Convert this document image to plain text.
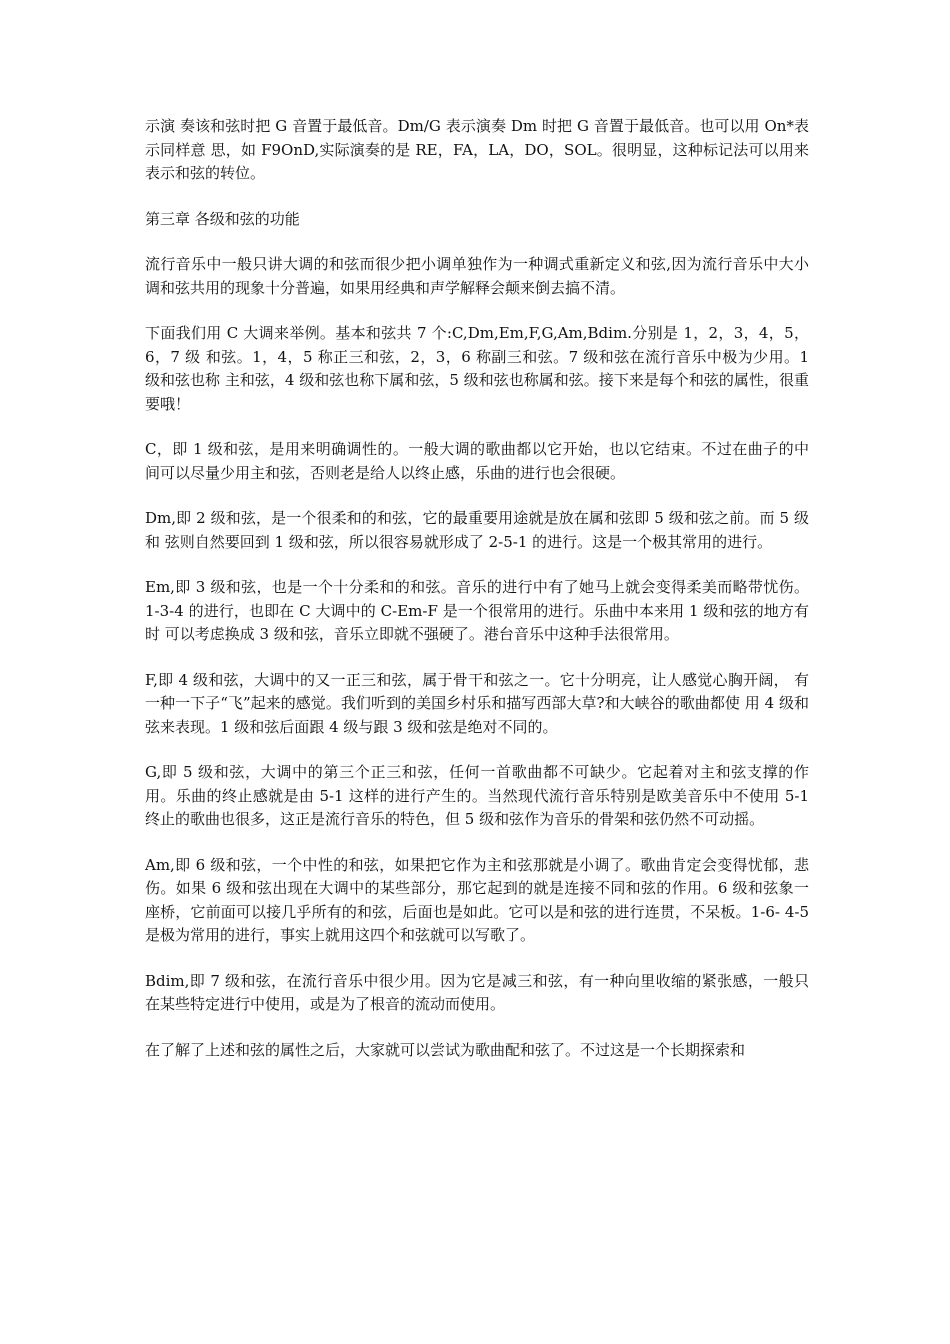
示演 奏该和弦时把 G 音置于最低音。Dm/G 表示演奏 Dm 时把 G 音置于最低音。也可以用 On*表示同样意 思，如 F9OnD,实际演奏的是 RE，FA，LA，DO，SOL。很明显，这种标记法可以用来表示和弦的转位。

第三章 各级和弦的功能

流行音乐中一般只讲大调的和弦而很少把小调单独作为一种调式重新定义和弦,因为流行音乐中大小调和弦共用的现象十分普遍，如果用经典和声学解释会颠来倒去搞不清。

下面我们用 C 大调来举例。基本和弦共 7 个:C,Dm,Em,F,G,Am,Bdim.分别是 1，2，3，4，5，6，7 级 和弦。1，4，5 称正三和弦，2，3，6 称副三和弦。7 级和弦在流行音乐中极为少用。1 级和弦也称 主和弦，4 级和弦也称下属和弦，5 级和弦也称属和弦。接下来是每个和弦的属性，很重要哦！

C，即 1 级和弦，是用来明确调性的。一般大调的歌曲都以它开始，也以它结束。不过在曲子的中 间可以尽量少用主和弦，否则老是给人以终止感，乐曲的进行也会很硬。

Dm,即 2 级和弦，是一个很柔和的和弦，它的最重要用途就是放在属和弦即 5 级和弦之前。而 5 级和 弦则自然要回到 1 级和弦，所以很容易就形成了 2-5-1 的进行。这是一个极其常用的进行。

Em,即 3 级和弦，也是一个十分柔和的和弦。音乐的进行中有了她马上就会变得柔美而略带忧伤。 1-3-4 的进行，也即在 C 大调中的 C-Em-F 是一个很常用的进行。乐曲中本来用 1 级和弦的地方有时 可以考虑换成 3 级和弦，音乐立即就不强硬了。港台音乐中这种手法很常用。

F,即 4 级和弦，大调中的又一正三和弦，属于骨干和弦之一。它十分明亮，让人感觉心胸开阔， 有一种一下子“飞”起来的感觉。我们听到的美国乡村乐和描写西部大草?和大峡谷的歌曲都使 用 4 级和弦来表现。1 级和弦后面跟 4 级与跟 3 级和弦是绝对不同的。

G,即 5 级和弦，大调中的第三个正三和弦，任何一首歌曲都不可缺少。它起着对主和弦支撑的作 用。乐曲的终止感就是由 5-1 这样的进行产生的。当然现代流行音乐特别是欧美音乐中不使用 5-1 终止的歌曲也很多，这正是流行音乐的特色，但 5 级和弦作为音乐的骨架和弦仍然不可动摇。

Am,即 6 级和弦，一个中性的和弦，如果把它作为主和弦那就是小调了。歌曲肯定会变得忧郁，悲 伤。如果 6 级和弦出现在大调中的某些部分，那它起到的就是连接不同和弦的作用。6 级和弦象一 座桥，它前面可以接几乎所有的和弦，后面也是如此。它可以是和弦的进行连贯，不呆板。1-6- 4-5 是极为常用的进行，事实上就用这四个和弦就可以写歌了。

Bdim,即 7 级和弦，在流行音乐中很少用。因为它是减三和弦，有一种向里收缩的紧张感，一般只 在某些特定进行中使用，或是为了根音的流动而使用。

在了解了上述和弦的属性之后，大家就可以尝试为歌曲配和弦了。不过这是一个长期探索和
